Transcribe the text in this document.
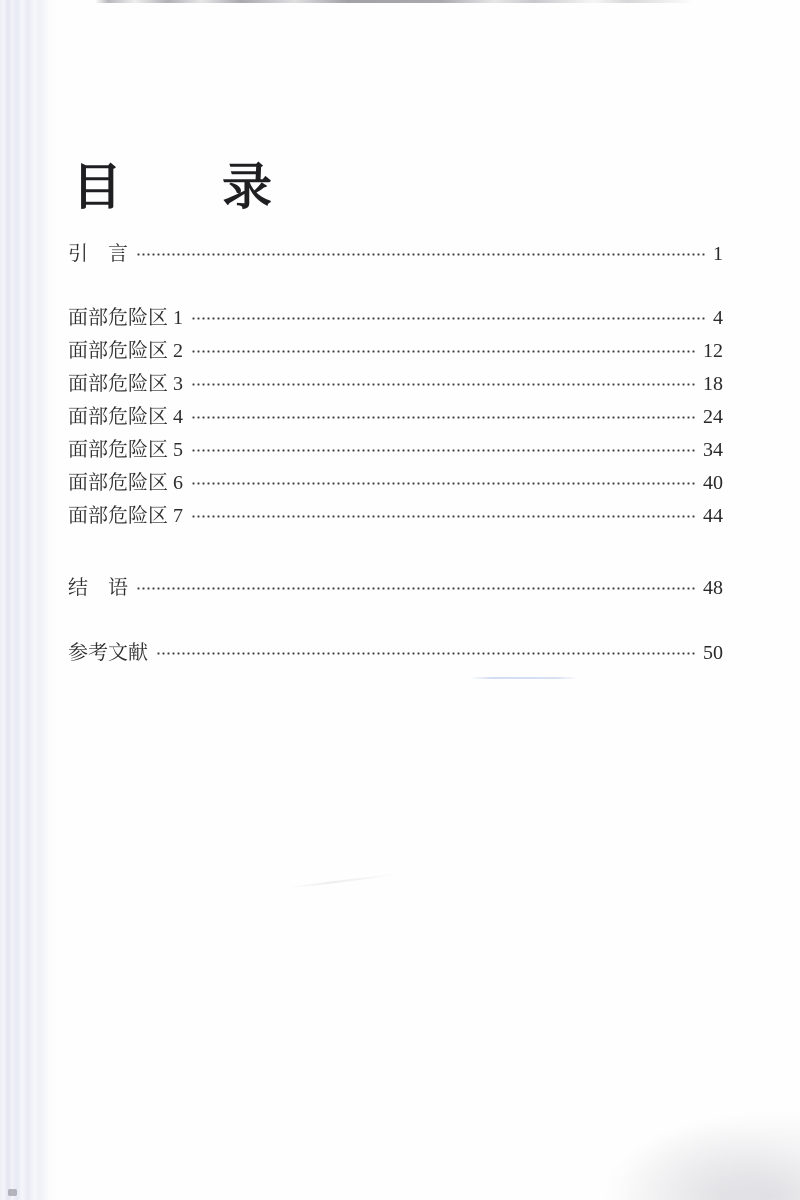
目　　录
引　言	1
面部危险区 1	4
面部危险区 2	12
面部危险区 3	18
面部危险区 4	24
面部危险区 5	34
面部危险区 6	40
面部危险区 7	44
结　语	48
参考文献	50
